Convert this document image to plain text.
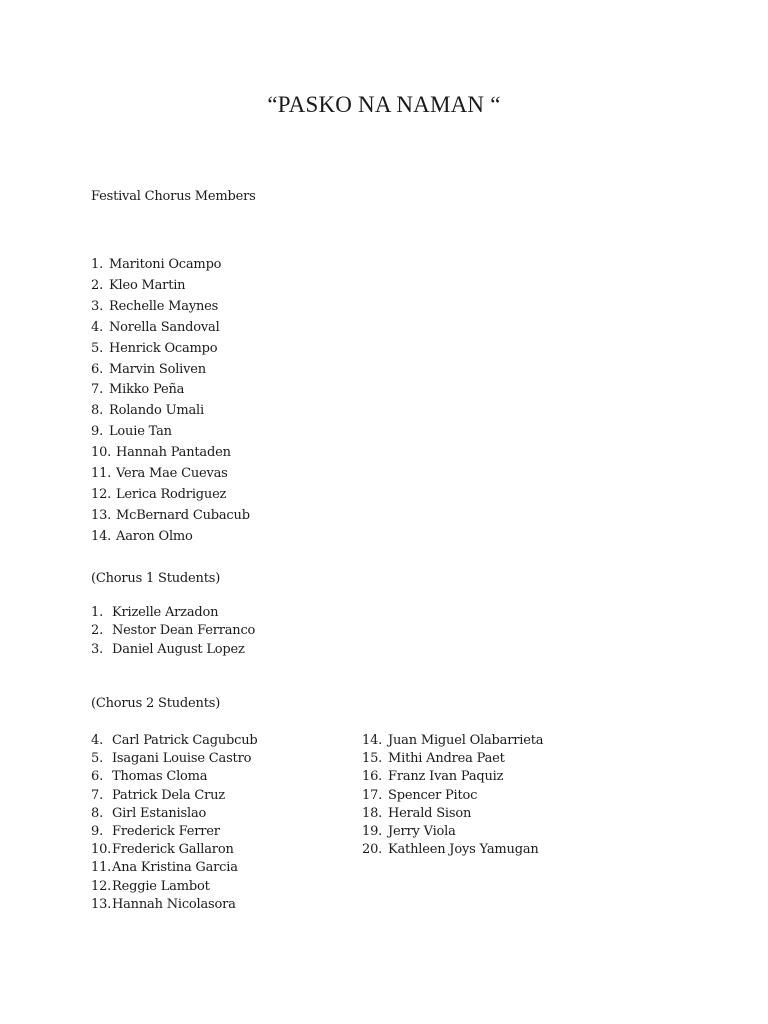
“PASKO NA NAMAN “
Festival Chorus Members
1. Maritoni Ocampo
2. Kleo Martin
3. Rechelle Maynes
4. Norella Sandoval
5. Henrick Ocampo
6. Marvin Soliven
7. Mikko Peña
8. Rolando Umali
9. Louie Tan
10. Hannah Pantaden
11. Vera Mae Cuevas
12. Lerica Rodriguez
13. McBernard Cubacub
14. Aaron Olmo
(Chorus 1 Students)
1. Krizelle Arzadon
2. Nestor Dean Ferranco
3. Daniel August Lopez
(Chorus 2 Students)
4. Carl Patrick Cagubcub
5. Isagani Louise Castro
6. Thomas Cloma
7. Patrick Dela Cruz
8. Girl Estanislao
9. Frederick Ferrer
10.Frederick Gallaron
11.Ana Kristina Garcia
12.Reggie Lambot
13.Hannah Nicolasora
14. Juan Miguel Olabarrieta
15. Mithi Andrea Paet
16. Franz Ivan Paquiz
17. Spencer Pitoc
18. Herald Sison
19. Jerry Viola
20. Kathleen Joys Yamugan
